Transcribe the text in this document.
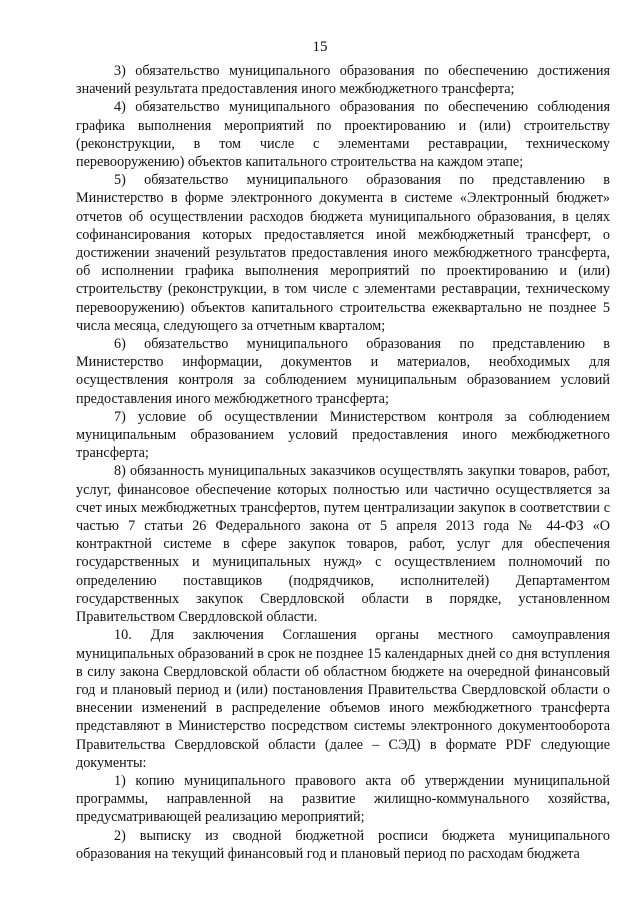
15

3) обязательство муниципального образования по обеспечению достижения значений результата предоставления иного межбюджетного трансферта;

4) обязательство муниципального образования по обеспечению соблюдения графика выполнения мероприятий по проектированию и (или) строительству (реконструкции, в том числе с элементами реставрации, техническому перевооружению) объектов капитального строительства на каждом этапе;

5) обязательство муниципального образования по представлению в Министерство в форме электронного документа в системе «Электронный бюджет» отчетов об осуществлении расходов бюджета муниципального образования, в целях софинансирования которых предоставляется иной межбюджетный трансферт, о достижении значений результатов предоставления иного межбюджетного трансферта, об исполнении графика выполнения мероприятий по проектированию и (или) строительству (реконструкции, в том числе с элементами реставрации, техническому перевооружению) объектов капитального строительства ежеквартально не позднее 5 числа месяца, следующего за отчетным кварталом;

6) обязательство муниципального образования по представлению в Министерство информации, документов и материалов, необходимых для осуществления контроля за соблюдением муниципальным образованием условий предоставления иного межбюджетного трансферта;

7) условие об осуществлении Министерством контроля за соблюдением муниципальным образованием условий предоставления иного межбюджетного трансферта;

8) обязанность муниципальных заказчиков осуществлять закупки товаров, работ, услуг, финансовое обеспечение которых полностью или частично осуществляется за счет иных межбюджетных трансфертов, путем централизации закупок в соответствии с частью 7 статьи 26 Федерального закона от 5 апреля 2013 года № 44-ФЗ «О контрактной системе в сфере закупок товаров, работ, услуг для обеспечения государственных и муниципальных нужд» с осуществлением полномочий по определению поставщиков (подрядчиков, исполнителей) Департаментом государственных закупок Свердловской области в порядке, установленном Правительством Свердловской области.

10. Для заключения Соглашения органы местного самоуправления муниципальных образований в срок не позднее 15 календарных дней со дня вступления в силу закона Свердловской области об областном бюджете на очередной финансовый год и плановый период и (или) постановления Правительства Свердловской области о внесении изменений в распределение объемов иного межбюджетного трансферта представляют в Министерство посредством системы электронного документооборота Правительства Свердловской области (далее – СЭД) в формате PDF следующие документы:

1) копию муниципального правового акта об утверждении муниципальной программы, направленной на развитие жилищно-коммунального хозяйства, предусматривающей реализацию мероприятий;

2) выписку из сводной бюджетной росписи бюджета муниципального образования на текущий финансовый год и плановый период по расходам бюджета
